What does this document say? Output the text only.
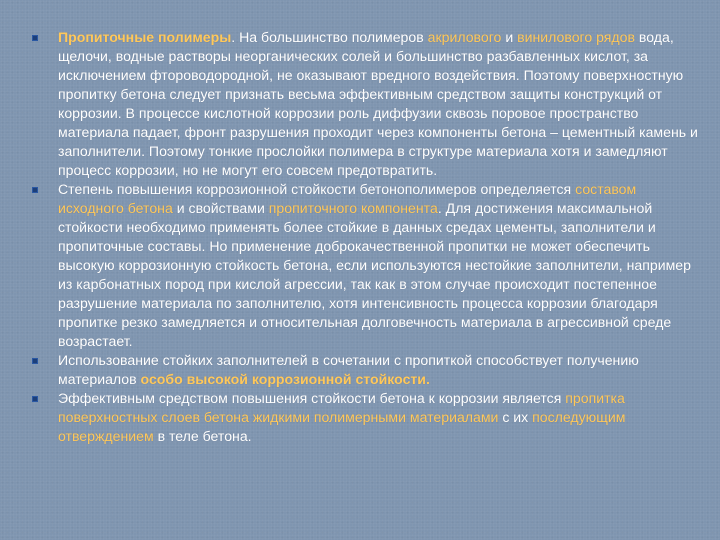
Пропиточные полимеры. На большинство полимеров акрилового и винилового рядов вода, щелочи, водные растворы неорганических солей и большинство разбавленных кислот, за исключением фтороводородной, не оказывают вредного воздействия. Поэтому поверхностную пропитку бетона следует признать весьма эффективным средством защиты конструкций от коррозии. В процессе кислотной коррозии роль диффузии сквозь поровое пространство материала падает, фронт разрушения проходит через компоненты бетона – цементный камень и заполнители. Поэтому тонкие прослойки полимера в структуре материала хотя и замедляют процесс коррозии, но не могут его совсем предотвратить.
Степень повышения коррозионной стойкости бетонополимеров определяется составом исходного бетона и свойствами пропиточного компонента. Для достижения максимальной стойкости необходимо применять более стойкие в данных средах цементы, заполнители и пропиточные составы. Но применение доброкачественной пропитки не может обеспечить высокую коррозионную стойкость бетона, если используются нестойкие заполнители, например из карбонатных пород при кислой агрессии, так как в этом случае происходит постепенное разрушение материала по заполнителю, хотя интенсивность процесса коррозии благодаря пропитке резко замедляется и относительная долговечность материала в агрессивной среде возрастает.
Использование стойких заполнителей в сочетании с пропиткой способствует получению материалов особо высокой коррозионной стойкости.
Эффективным средством повышения стойкости бетона к коррозии является пропитка поверхностных слоев бетона жидкими полимерными материалами с их последующим отверждением в теле бетона.
